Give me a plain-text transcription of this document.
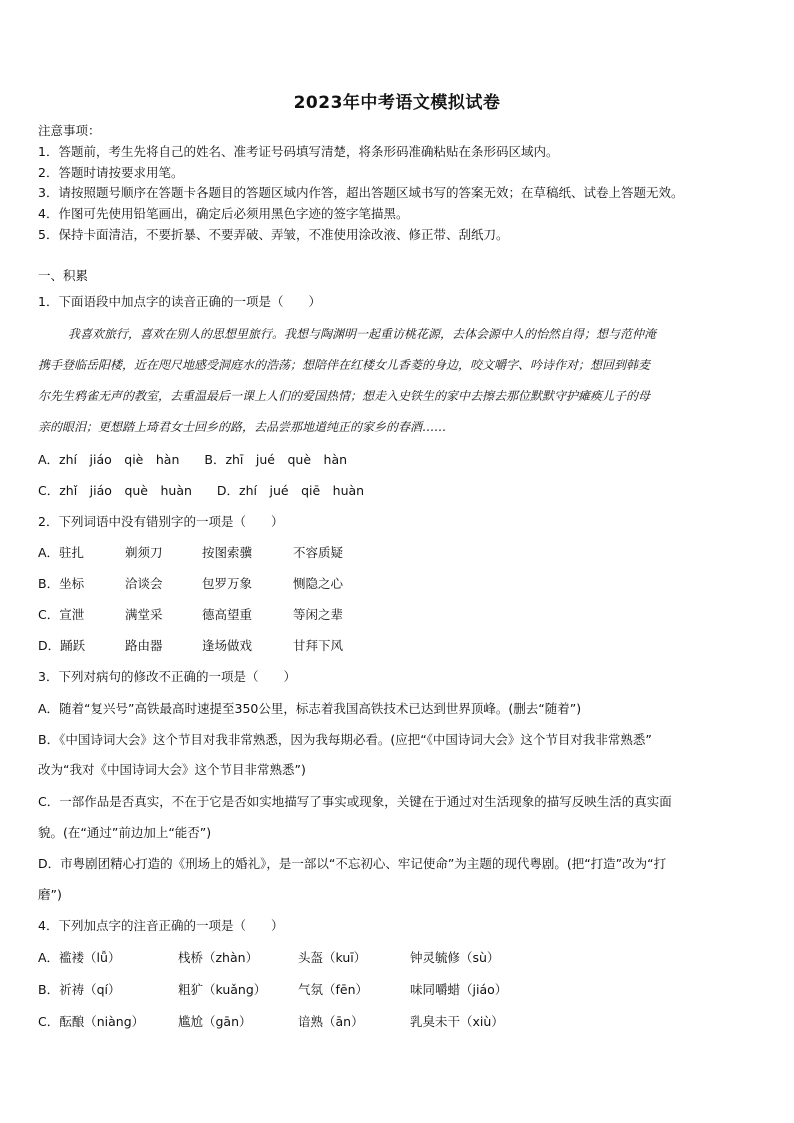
2023年中考语文模拟试卷
注意事项：
1．答题前，考生先将自己的姓名、准考证号码填写清楚，将条形码准确粘贴在条形码区域内。
2．答题时请按要求用笔。
3．请按照题号顺序在答题卡各题目的答题区域内作答，超出答题区域书写的答案无效；在草稿纸、试卷上答题无效。
4．作图可先使用铅笔画出，确定后必须用黑色字迹的签字笔描黑。
5．保持卡面清洁，不要折暴、不要弄破、弄皱，不准使用涂改液、修正带、刮纸刀。
一、积累
1．下面语段中加点字的读音正确的一项是（　　）
我喜欢旅行，喜欢在别人的思想里旅行。我想与陶渊明一起重访桃花源，去体会源中人的怡然自得；想与范仲淹
携手登临岳阳楼，近在咫尺地感受洞庭水的浩荡；想陪伴在红楼女儿香菱的身边，咬文嚼字、吟诗作对；想回到韩麦
尔先生鸦雀无声的教室，去重温最后一课上人们的爱国热情；想走入史铁生的家中去擦去那位默默守护瘫痪儿子的母
亲的眼泪；更想踏上琦君女士回乡的路，去品尝那地道纯正的家乡的春酒……
A．zhí　jiáo　qiè　hàn　　B．zhī　jué　què　hàn
C．zhǐ　jiáo　què　huàn　　D．zhí　jué　qiē　huàn
2．下列词语中没有错别字的一项是（　　）
A．驻扎	剃须刀	按图索骥	不容质疑
B．坐标	洽谈会	包罗万象	恻隐之心
C．宣泄	满堂采	德高望重	等闲之辈
D．踊跃	路由器	逢场做戏	甘拜下风
3．下列对病句的修改不正确的一项是（　　）
A．随着“复兴号”高铁最高时速提至350公里，标志着我国高铁技术已达到世界顶峰。(删去“随着”)
B．《中国诗词大会》这个节目对我非常熟悉，因为我每期必看。(应把“《中国诗词大会》这个节目对我非常熟悉”
改为“我对《中国诗词大会》这个节目非常熟悉”)
C．一部作品是否真实，不在于它是否如实地描写了事实或现象，关键在于通过对生活现象的描写反映生活的真实面
貌。(在“通过”前边加上“能否”)
D．市粤剧团精心打造的《刑场上的婚礼》，是一部以“不忘初心、牢记使命”为主题的现代粤剧。(把“打造”改为“打
磨”)
4．下列加点字的注音正确的一项是（　　）
A．褴褛（lǚ）	栈桥（zhàn）	头盔（kuī）	钟灵毓修（sù）
B．祈祷（qí）	粗犷（kuǎng）	气氛（fēn）	味同嚼蜡（jiáo）
C．酝酿（niàng）	尴尬（gān）	谙熟（ān）	乳臭未干（xiù）
